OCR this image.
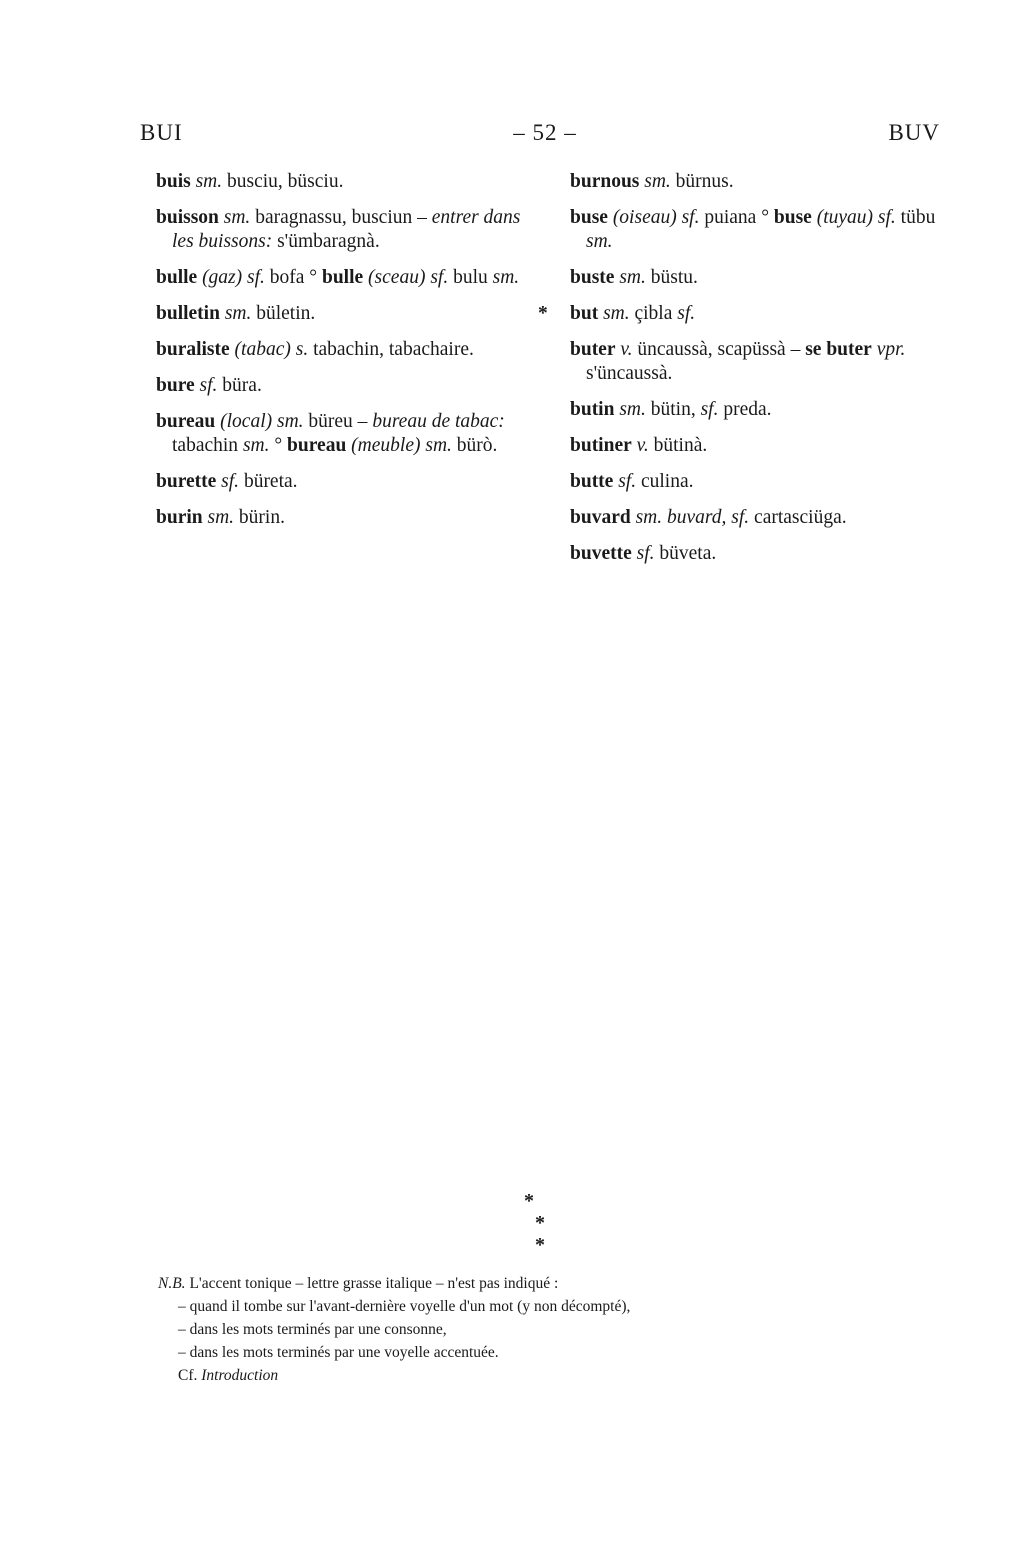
BUI	– 52 –	BUV
buis sm. busciu, büsciu.
buisson sm. baragnassu, busciun – entrer dans les buissons: s'ümbaragnà.
bulle (gaz) sf. bofa ° bulle (sceau) sf. bulu sm.
bulletin sm. bületin.
buraliste (tabac) s. tabachin, tabachaire.
bure sf. büra.
bureau (local) sm. büreu – bureau de tabac: tabachin sm. ° bureau (meuble) sm. bürò.
burette sf. büreta.
burin sm. bürin.
burnous sm. bürnus.
buse (oiseau) sf. puiana ° buse (tuyau) sf. tübu sm.
buste sm. büstu.
* but sm. çibla sf.
buter v. üncaussà, scapüssà – se buter vpr. s'üncaussà.
butin sm. bütin, sf. preda.
butiner v. bütinà.
butte sf. culina.
buvard sm. buvard, sf. cartasciüga.
buvette sf. büveta.
*
* *
N.B. L'accent tonique – lettre grasse italique – n'est pas indiqué :
– quand il tombe sur l'avant-dernière voyelle d'un mot (y non décompté),
– dans les mots terminés par une consonne,
– dans les mots terminés par une voyelle accentuée.
Cf. Introduction
